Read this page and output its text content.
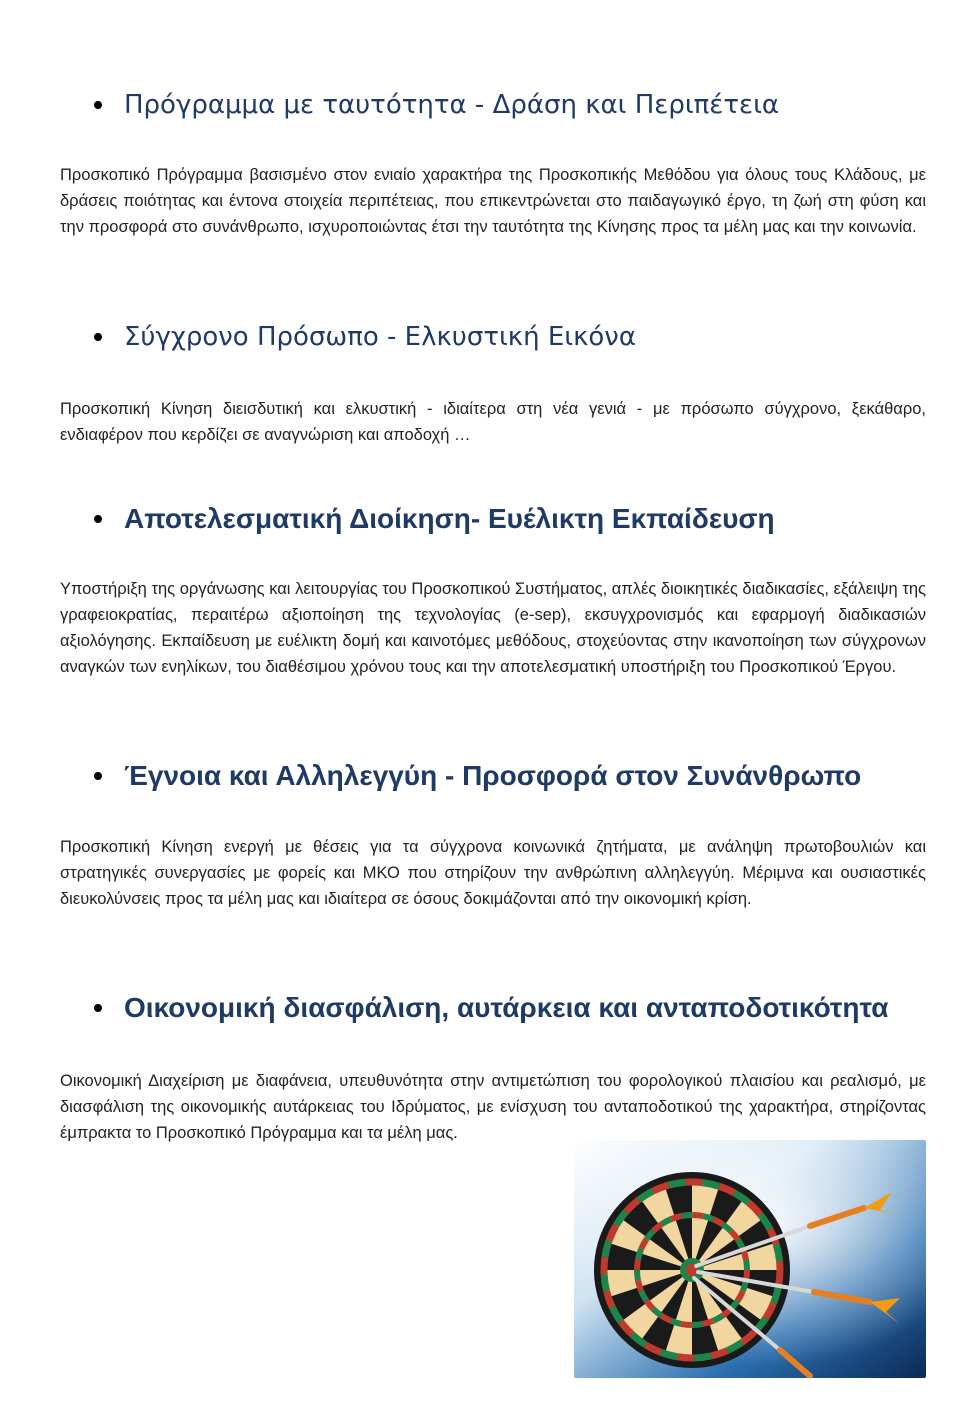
Πρόγραμμα με ταυτότητα - Δράση και Περιπέτεια

Προσκοπικό Πρόγραμμα βασισμένο στον ενιαίο χαρακτήρα της Προσκοπικής Μεθόδου για όλους τους Κλάδους, με δράσεις ποιότητας και έντονα στοιχεία περιπέτειας, που επικεντρώνεται στο παιδαγωγικό έργο, τη ζωή στη φύση και την προσφορά στο συνάνθρωπο, ισχυροποιώντας έτσι την ταυτότητα της Κίνησης προς τα μέλη μας και την κοινωνία.

Σύγχρονο Πρόσωπο - Ελκυστική Εικόνα

Προσκοπική Κίνηση διεισδυτική και ελκυστική - ιδιαίτερα στη νέα γενιά - με πρόσωπο σύγχρονο, ξεκάθαρο, ενδιαφέρον που κερδίζει σε αναγνώριση και αποδοχή …

Αποτελεσματική Διοίκηση- Ευέλικτη Εκπαίδευση

Υποστήριξη της οργάνωσης και λειτουργίας του Προσκοπικού Συστήματος, απλές διοικητικές διαδικασίες, εξάλειψη της γραφειοκρατίας, περαιτέρω αξιοποίηση της τεχνολογίας (e-sep), εκσυγχρονισμός και εφαρμογή διαδικασιών αξιολόγησης. Εκπαίδευση με ευέλικτη δομή και καινοτόμες μεθόδους, στοχεύοντας στην ικανοποίηση των σύγχρονων αναγκών των ενηλίκων, του διαθέσιμου χρόνου τους και την αποτελεσματική υποστήριξη του Προσκοπικού Έργου.

Έγνοια και Αλληλεγγύη - Προσφορά στον Συνάνθρωπο

Προσκοπική Κίνηση ενεργή με θέσεις για τα σύγχρονα κοινωνικά ζητήματα, με ανάληψη πρωτοβουλιών και στρατηγικές συνεργασίες με φορείς και ΜΚΟ που στηρίζουν την ανθρώπινη αλληλεγγύη. Μέριμνα και ουσιαστικές διευκολύνσεις προς τα μέλη μας και ιδιαίτερα σε όσους δοκιμάζονται από την οικονομική κρίση.

Οικονομική διασφάλιση, αυτάρκεια και ανταποδοτικότητα

Οικονομική Διαχείριση με διαφάνεια, υπευθυνότητα στην αντιμετώπιση του φορολογικού πλαισίου και ρεαλισμό, με διασφάλιση της οικονομικής αυτάρκειας του Ιδρύματος, με ενίσχυση του ανταποδοτικού της χαρακτήρα, στηρίζοντας έμπρακτα το Προσκοπικό Πρόγραμμα και τα μέλη μας.
